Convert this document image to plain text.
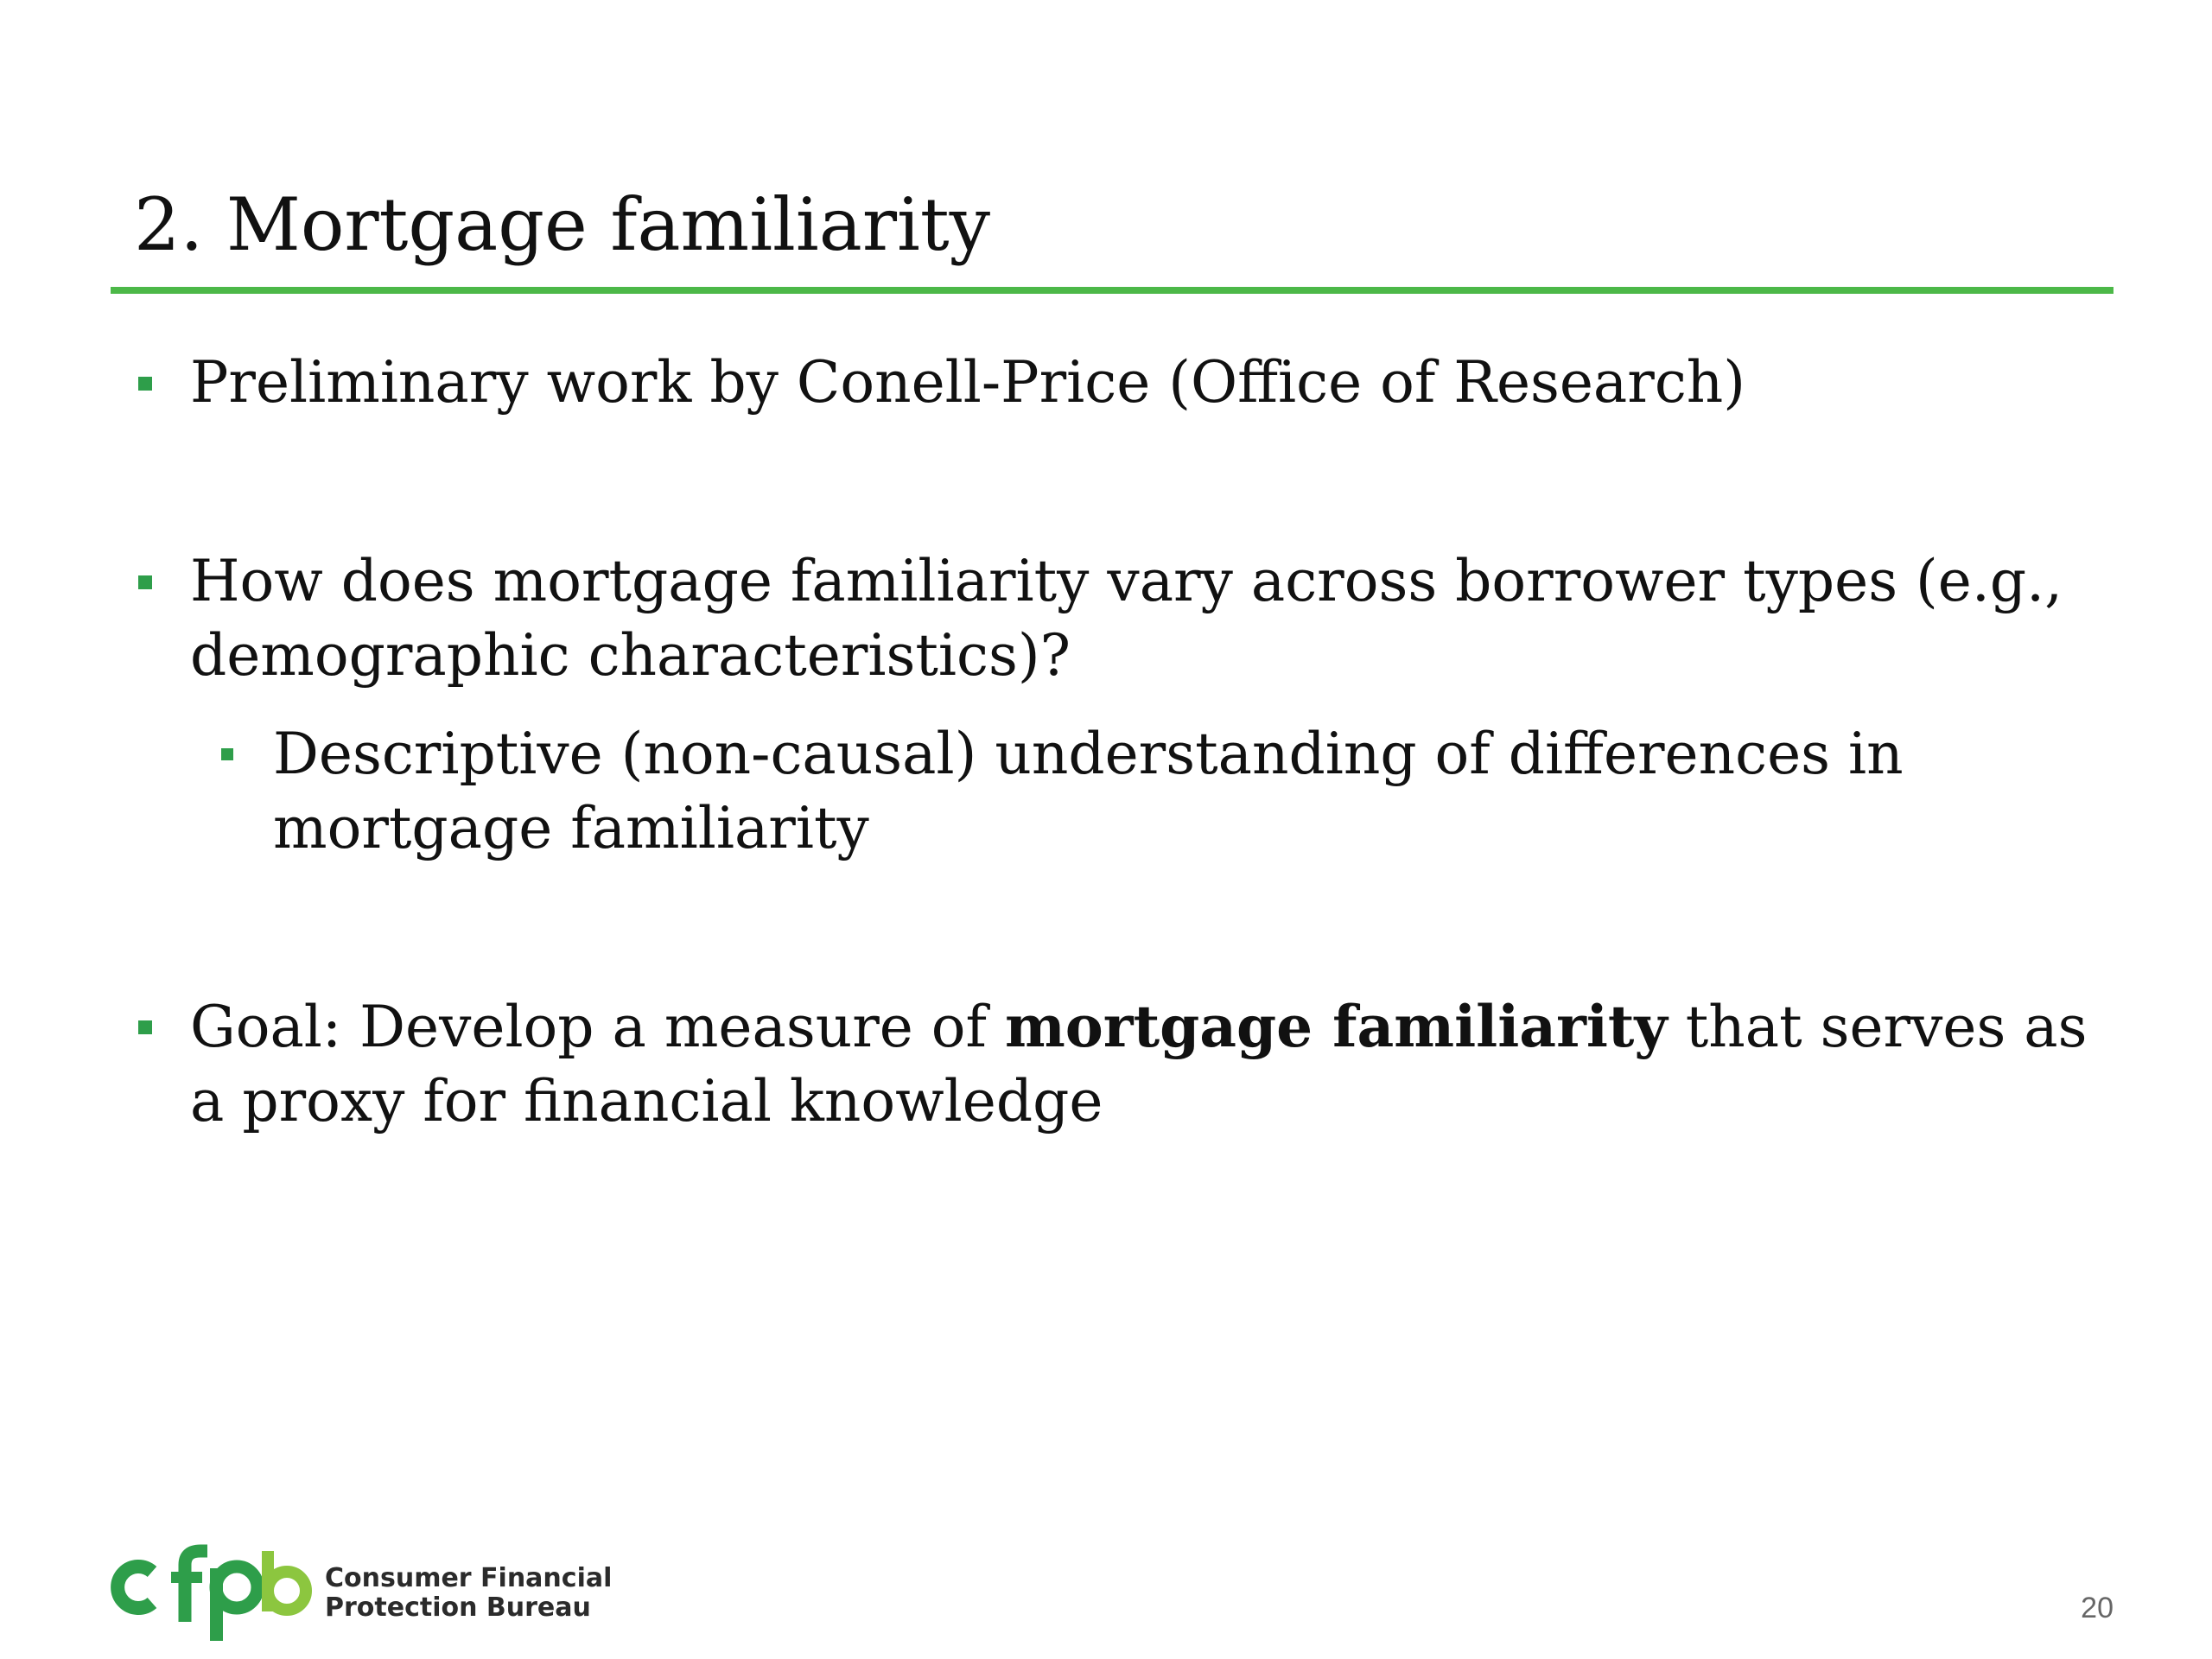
2. Mortgage familiarity
Preliminary work by Conell-Price (Office of Research)
How does mortgage familiarity vary across borrower types (e.g., demographic characteristics)?
Descriptive (non-causal) understanding of differences in mortgage familiarity
Goal: Develop a measure of mortgage familiarity that serves as a proxy for financial knowledge
Consumer Financial
Protection Bureau	20
